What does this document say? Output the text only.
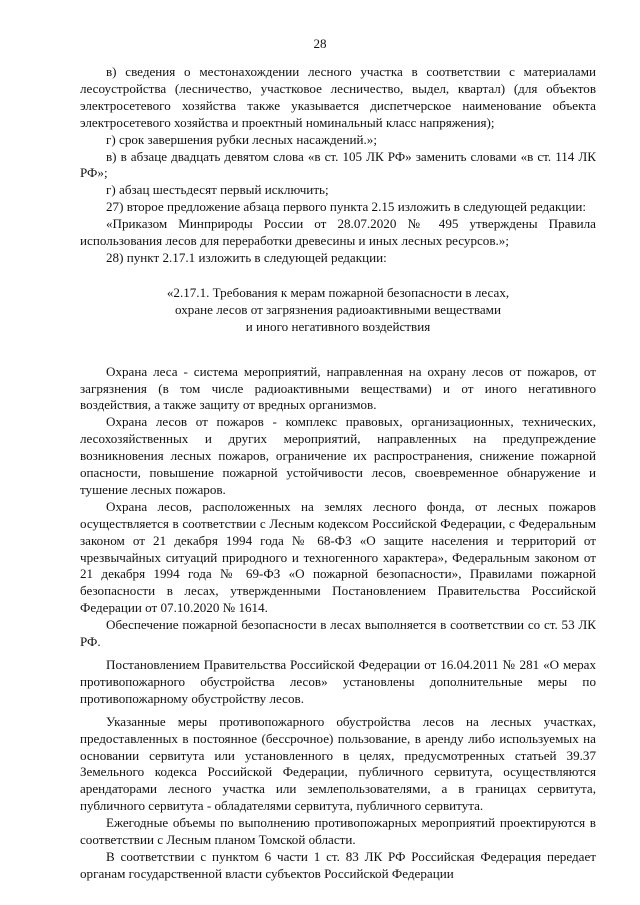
28

в) сведения о местонахождении лесного участка в соответствии с материалами лесоустройства (лесничество, участковое лесничество, выдел, квартал) (для объектов электросетевого хозяйства также указывается диспетчерское наименование объекта электросетевого хозяйства и проектный номинальный класс напряжения);

г) срок завершения рубки лесных насаждений.»;

в) в абзаце двадцать девятом слова «в ст. 105 ЛК РФ» заменить словами «в ст. 114 ЛК РФ»;

г) абзац шестьдесят первый исключить;

27) второе предложение абзаца первого пункта 2.15 изложить в следующей редакции:

«Приказом Минприроды России от 28.07.2020 № 495 утверждены Правила использования лесов для переработки древесины и иных лесных ресурсов.»;

28) пункт 2.17.1 изложить в следующей редакции:

«2.17.1. Требования к мерам пожарной безопасности в лесах,
охране лесов от загрязнения радиоактивными веществами
и иного негативного воздействия

Охрана леса - система мероприятий, направленная на охрану лесов от пожаров, от загрязнения (в том числе радиоактивными веществами) и от иного негативного воздействия, а также защиту от вредных организмов.

Охрана лесов от пожаров - комплекс правовых, организационных, технических, лесохозяйственных и других мероприятий, направленных на предупреждение возникновения лесных пожаров, ограничение их распространения, снижение пожарной опасности, повышение пожарной устойчивости лесов, своевременное обнаружение и тушение лесных пожаров.

Охрана лесов, расположенных на землях лесного фонда, от лесных пожаров осуществляется в соответствии с Лесным кодексом Российской Федерации, с Федеральным законом от 21 декабря 1994 года № 68-ФЗ «О защите населения и территорий от чрезвычайных ситуаций природного и техногенного характера», Федеральным законом от 21 декабря 1994 года № 69-ФЗ «О пожарной безопасности», Правилами пожарной безопасности в лесах, утвержденными Постановлением Правительства Российской Федерации от 07.10.2020 № 1614.

Обеспечение пожарной безопасности в лесах выполняется в соответствии со ст. 53 ЛК РФ.

Постановлением Правительства Российской Федерации от 16.04.2011 № 281 «О мерах противопожарного обустройства лесов» установлены дополнительные меры по противопожарному обустройству лесов.

Указанные меры противопожарного обустройства лесов на лесных участках, предоставленных в постоянное (бессрочное) пользование, в аренду либо используемых на основании сервитута или установленного в целях, предусмотренных статьей 39.37 Земельного кодекса Российской Федерации, публичного сервитута, осуществляются арендаторами лесного участка или землепользователями, а в границах сервитута, публичного сервитута - обладателями сервитута, публичного сервитута.

Ежегодные объемы по выполнению противопожарных мероприятий проектируются в соответствии с Лесным планом Томской области.

В соответствии с пунктом 6 части 1 ст. 83 ЛК РФ Российская Федерация передает органам государственной власти субъектов Российской Федерации
